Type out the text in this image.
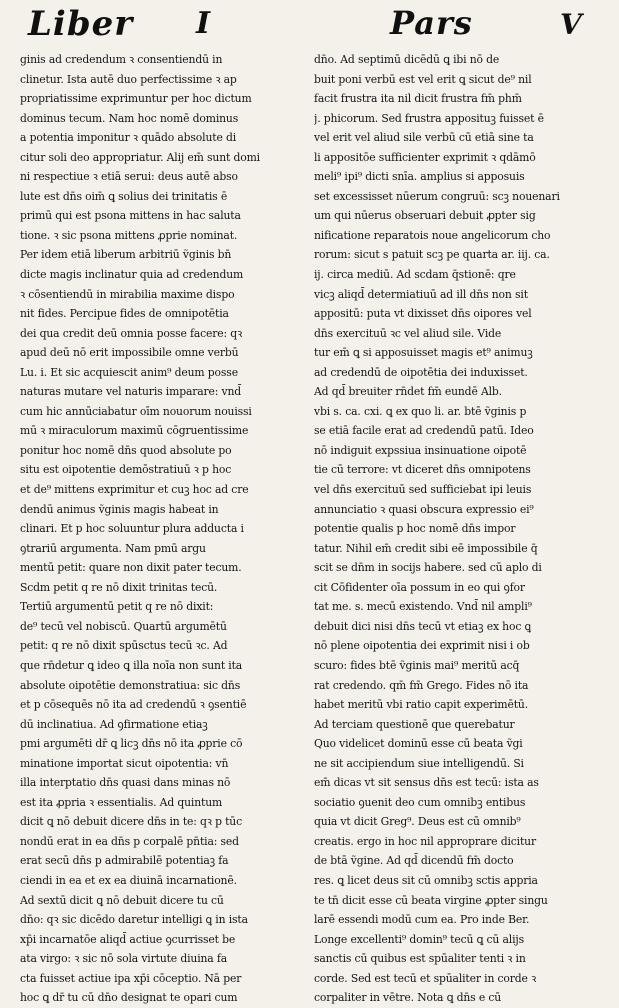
Liber I	Pars	V
ginis ad credendum ꝛ consentiendū in
clinetur. Ista autē duo perfectissime ꝛ ap
propriatissime exprimuntur per hoc dictum
dominus tecum. Nam hoc nomē dominus
a potentia imponitur ꝛ quādo absolute di
citur soli deo appropriatur. Alij em̄ sunt domi
ni respectiue ꝛ etiā serui: deus autē abso
lute est dn̄s oim̄ ꝗ solius dei trinitatis ē
primū qui est psona mittens in hac saluta
tione. ꝛ sic psona mittens ꝓprie nominat.
Per idem etiā liberum arbitriū ṽginis bn̄
dicte magis inclinatur quia ad credendum
ꝛ cōsentiendū in mirabilia maxime dispo
nit fides. Percipue fides de omnipotētia
dei qua credit deū omnia posse facere: qꝛ
apud deū nō erit impossibile omne verbū
Lu. i. Et sic acquiescit anim⁹ deum posse
naturas mutare vel naturis imparare: vnd̄
cum hic annūciabatur oīm nouorum nouissi
mū ꝛ miraculorum maximū cōgruentissime
ponitur hoc nomē dn̄s quod absolute po
situ est oipotentie demōstratiuū ꝛ p hoc
et de⁹ mittens exprimitur et cuꝫ hoc ad cre
dendū animus ṽginis magis habeat in
clinari. Et p hoc soluuntur plura adducta i
ꝯtrariū argumenta. Nam pmū argu
mentū petit: quare non dixit pater tecum.
Scdm petit q re nō dixit trinitas tecū.
Tertiū argumentū petit q re nō dixit:
de⁹ tecū vel nobiscū. Quartū argumētū
petit: q re nō dixit spūsctus tecū ꝛc. Ad
que rn̄detur ꝗ ideo ꝗ illa noīa non sunt ita
absolute oipotētie demonstratiua: sic dn̄s
et p cōsequēs nō ita ad credendū ꝛ ꝯsentiē
dū inclinatiua. Ad ꝯfirmatione etiaꝫ
pmi argumēti dr̄ ꝗ licꝫ dn̄s nō ita ꝓprie cō
minatione importat sicut oipotentia: vn̄
illa interptatio dn̄s quasi dans minas nō
est ita ꝓpria ꝛ essentialis. Ad quintum
dicit ꝗ nō debuit dicere dn̄s in te: qꝛ p tūc
nondū erat in ea dn̄s p corpalē pn̄tia: sed
erat secū dn̄s p admirabilē potentiaꝫ fa
ciendi in ea et ex ea diuinā incarnationē.
Ad sextū dicit ꝗ nō debuit dicere tu cū
dn̄o: qꝛ sic dicēdo daretur intelligi ꝗ in ista
xp̄i incarnatōe aliqd̄ actiue ꝯcurrisset be
ata virgo: ꝛ sic nō sola virtute diuina fa
cta fuisset actiue ipa xp̄i cōceptio. Nā per
hoc ꝗ dr̄ tu cū dn̄o designat te opari cum
dn̄o. Ad septimū dicēdū ꝗ ibi nō de
buit poni verbū est vel erit ꝗ sicut de⁹ nil
facit frustra ita nil dicit frustra fm̄ phm̄
j. phicorum. Sed frustra apposituꝫ fuisset ē
vel erit vel aliud sile verbū cū etiā sine ta
li appositōe sufficienter exprimit ꝛ qdāmō
meli⁹ ipi⁹ dicti snīa. amplius si apposuis
set excessisset nūerum congruū: scꝫ nouenari
um qui nūerus obseruari debuit ꝓpter sig
nificatione reparatois noue angelicorum cho
rorum: sicut s patuit scꝫ pe quarta ar. iij. ca.
ij. circa mediū. Ad scdam q̄stionē: qre
vicꝫ aliqd̄ determiatiuū ad ill dn̄s non sit
appositū: puta vt dixisset dn̄s oipores vel
dn̄s exercituū ꝛc vel aliud sile. Vide
tur em̄ ꝗ si apposuisset magis et⁹ animuꝫ
ad credendū de oipotētia dei induxisset.
Ad qd̄ breuiter rn̄det fm̄ eundē Alb.
vbi s. ca. cxi. ꝗ ex quo li. ar. btē ṽginis p
se etiā facile erat ad credendū patū. Ideo
nō indiguit expssiua insinuatione oipotē
tie cū terrore: vt diceret dn̄s omnipotens
vel dn̄s exercituū sed sufficiebat ipi leuis
annunciatio ꝛ quasi obscura expressio ei⁹
potentie qualis p hoc nomē dn̄s impor
tatur. Nihil em̄ credit sibi eē impossibile q̄
scit se dn̄m in socijs habere. sed cū aplo di
cit Cōfidenter oīa possum in eo qui ꝯfor
tat me. s. mecū existendo. Vnd̄ nil ampli⁹
debuit dici nisi dn̄s tecū vt etiaꝫ ex hoc ꝗ
nō plene oipotentia dei exprimit nisi i ob
scuro: fides btē ṽginis mai⁹ meritū acq̄
rat credendo. qm̄ fm̄ Grego. Fides nō ita
habet meritū vbi ratio capit experimētū.
Ad terciam questionē que querebatur
Quo videlicet dominū esse cū beata ṽgi
ne sit accipiendum siue intelligendū. Si
em̄ dicas vt sit sensus dn̄s est tecū: ista as
sociatio ꝯuenit deo cum omnibꝫ entibus
quia vt dicit Greg⁹. Deus est cū omnib⁹
creatis. ergo in hoc nil approprare dicitur
de btā ṽgine. Ad qd̄ dicendū fm̄ docto
res. ꝗ licet deus sit cū omnibꝫ sctis appria
te tn̄ dicit esse cū beata virgine ꝓpter singu
larē essendi modū cum ea. Pro inde Ber.
Longe excellenti⁹ domin⁹ tecū ꝗ cū alijs
sanctis cū quibus est spūaliter tenti ꝛ in
corde. Sed est tecū et spūaliter in corde ꝛ
corpaliter in vētre. Nota ꝗ dn̄s e cū
